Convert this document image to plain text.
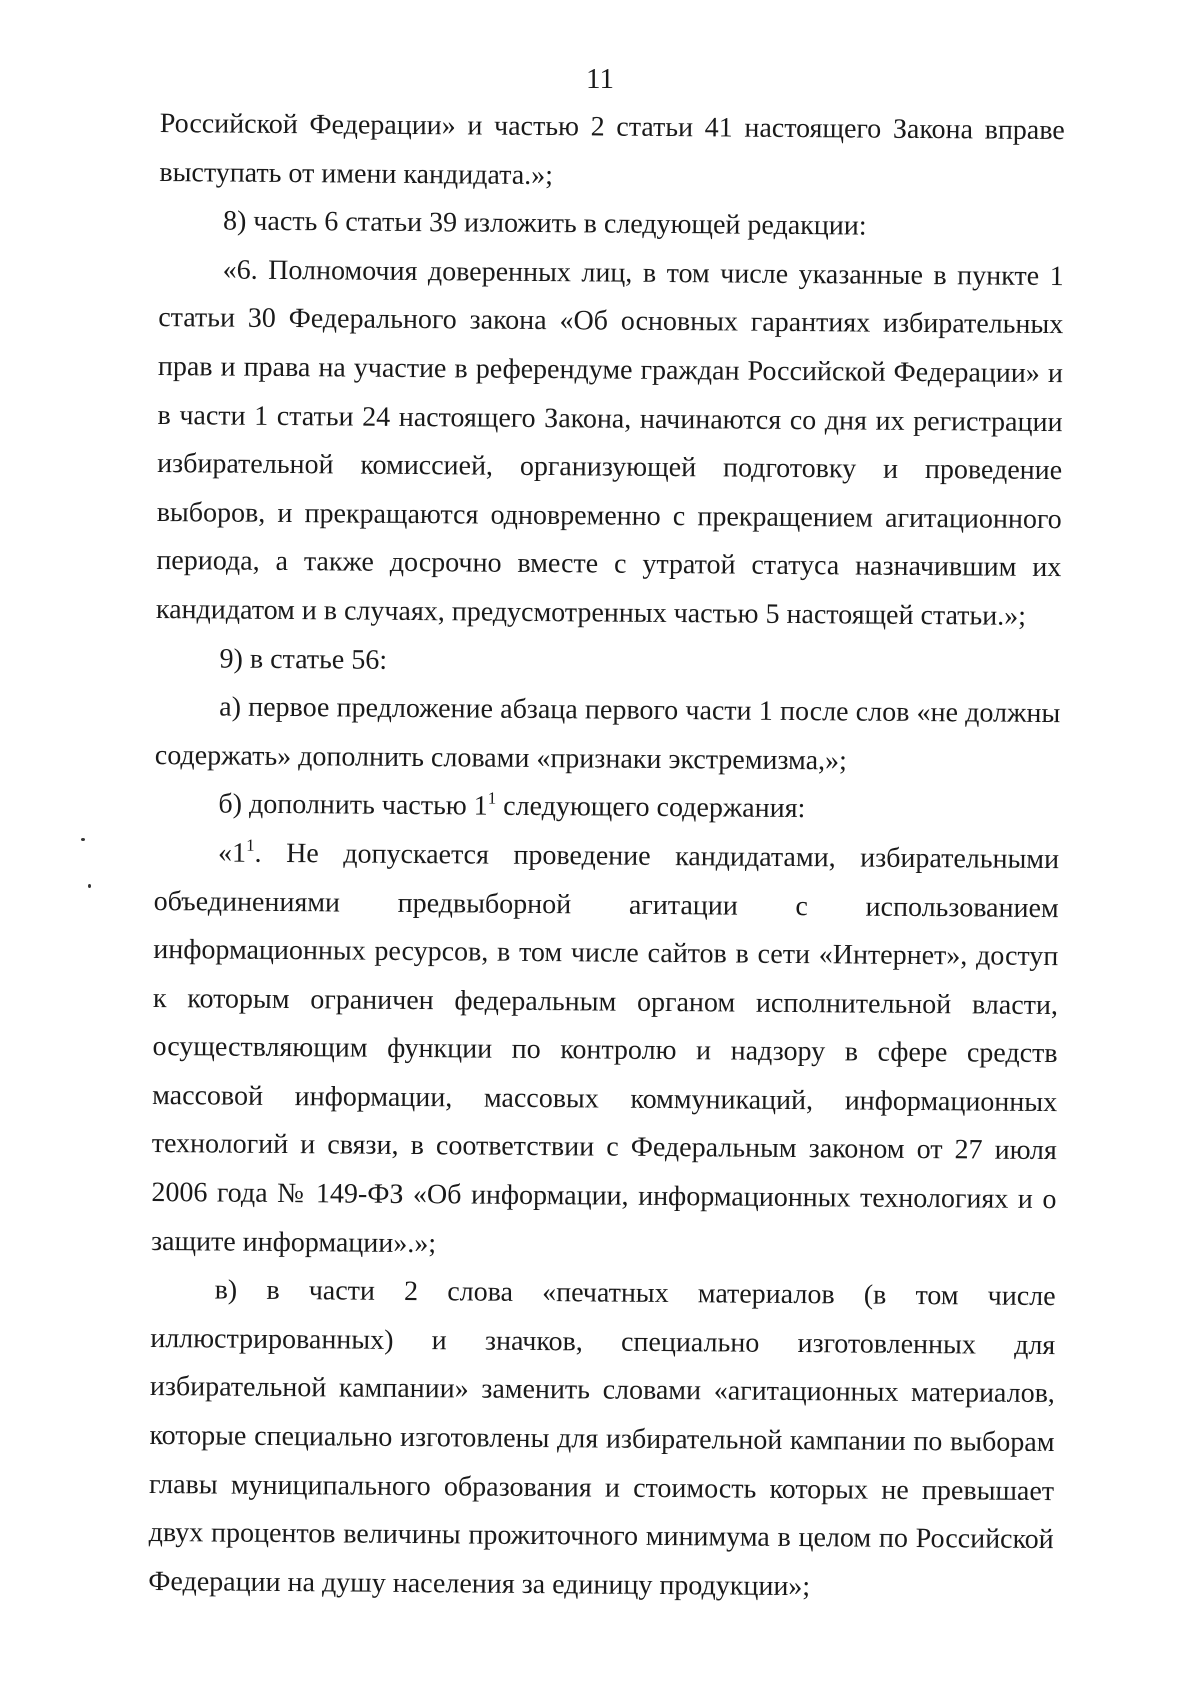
11

Российской Федерации» и частью 2 статьи 41 настоящего Закона вправе выступать от имени кандидата.»;

8) часть 6 статьи 39 изложить в следующей редакции:

«6. Полномочия доверенных лиц, в том числе указанные в пункте 1 статьи 30 Федерального закона «Об основных гарантиях избирательных прав и права на участие в референдуме граждан Российской Федерации» и в части 1 статьи 24 настоящего Закона, начинаются со дня их регистрации избирательной комиссией, организующей подготовку и проведение выборов, и прекращаются одновременно с прекращением агитационного периода, а также досрочно вместе с утратой статуса назначившим их кандидатом и в случаях, предусмотренных частью 5 настоящей статьи.»;

9) в статье 56:

а) первое предложение абзаца первого части 1 после слов «не должны содержать» дополнить словами «признаки экстремизма,»;

б) дополнить частью $1^1$ следующего содержания:

«$1^1$. Не допускается проведение кандидатами, избирательными объединениями предвыборной агитации с использованием информационных ресурсов, в том числе сайтов в сети «Интернет», доступ к которым ограничен федеральным органом исполнительной власти, осуществляющим функции по контролю и надзору в сфере средств массовой информации, массовых коммуникаций, информационных технологий и связи, в соответствии с Федеральным законом от 27 июля 2006 года № 149-ФЗ «Об информации, информационных технологиях и о защите информации».»;

в) в части 2 слова «печатных материалов (в том числе иллюстрированных) и значков, специально изготовленных для избирательной кампании» заменить словами «агитационных материалов, которые специально изготовлены для избирательной кампании по выборам главы муниципального образования и стоимость которых не превышает двух процентов величины прожиточного минимума в целом по Российской Федерации на душу населения за единицу продукции»;
